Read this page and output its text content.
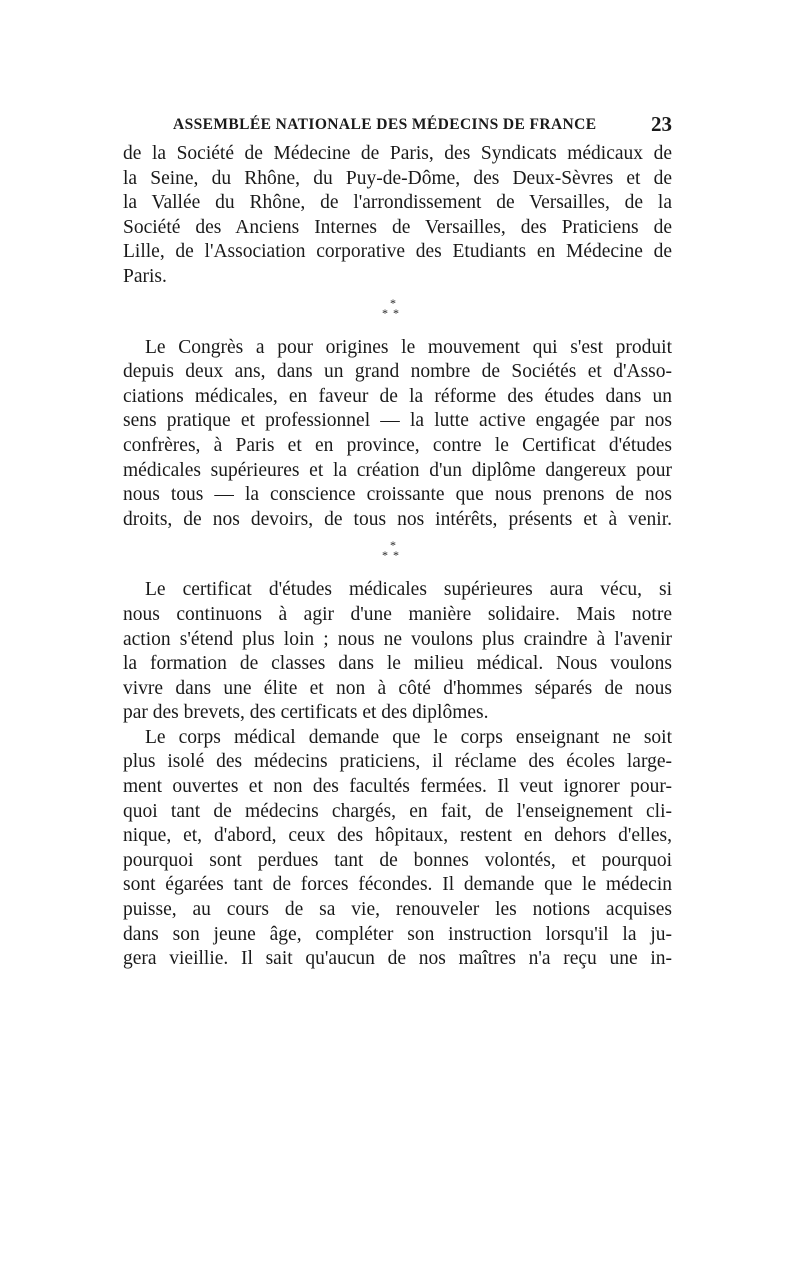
ASSEMBLÉE NATIONALE DES MÉDECINS DE FRANCE	23

de la Société de Médecine de Paris, des Syndicats médicaux de
la Seine, du Rhône, du Puy-de-Dôme, des Deux-Sèvres et de
la Vallée du Rhône, de l'arrondissement de Versailles, de la
Société des Anciens Internes de Versailles, des Praticiens de
Lille, de l'Association corporative des Etudiants en Médecine de
Paris.

*
**

Le Congrès a pour origines le mouvement qui s'est produit
depuis deux ans, dans un grand nombre de Sociétés et d'Asso-
ciations médicales, en faveur de la réforme des études dans un
sens pratique et professionnel — la lutte active engagée par nos
confrères, à Paris et en province, contre le Certificat d'études
médicales supérieures et la création d'un diplôme dangereux pour
nous tous — la conscience croissante que nous prenons de nos
droits, de nos devoirs, de tous nos intérêts, présents et à venir.

*
**

Le certificat d'études médicales supérieures aura vécu, si
nous continuons à agir d'une manière solidaire. Mais notre
action s'étend plus loin ; nous ne voulons plus craindre à l'avenir
la formation de classes dans le milieu médical. Nous voulons
vivre dans une élite et non à côté d'hommes séparés de nous
par des brevets, des certificats et des diplômes.

Le corps médical demande que le corps enseignant ne soit
plus isolé des médecins praticiens, il réclame des écoles large-
ment ouvertes et non des facultés fermées. Il veut ignorer pour-
quoi tant de médecins chargés, en fait, de l'enseignement cli-
nique, et, d'abord, ceux des hôpitaux, restent en dehors d'elles,
pourquoi sont perdues tant de bonnes volontés, et pourquoi
sont égarées tant de forces fécondes. Il demande que le médecin
puisse, au cours de sa vie, renouveler les notions acquises
dans son jeune âge, compléter son instruction lorsqu'il la ju-
gera vieillie. Il sait qu'aucun de nos maîtres n'a reçu une in-
